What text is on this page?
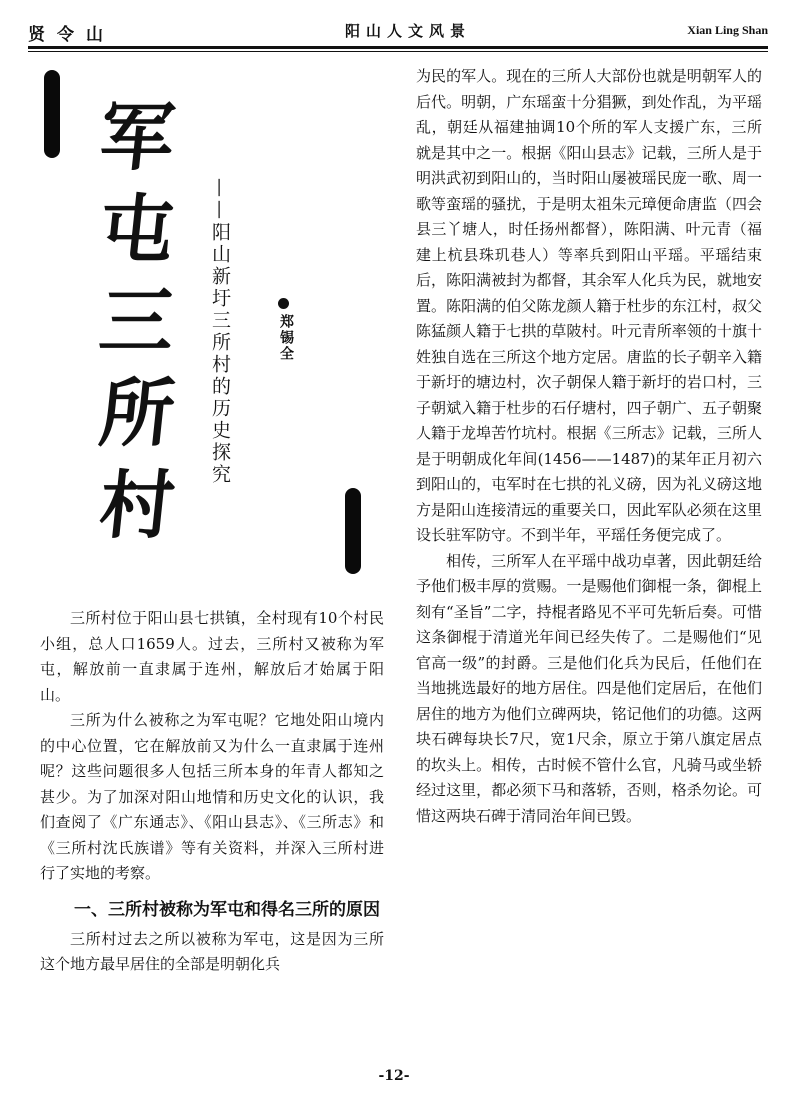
贤令山	阳山人文风景	Xian Ling Shan
军
屯
三
所
村
——阳山新圩三所村的历史探究	郑锡全

三所村位于阳山县七拱镇，全村现有10个村民小组，总人口1659人。过去，三所村又被称为军屯，解放前一直隶属于连州，解放后才始属于阳山。

三所为什么被称之为军屯呢？它地处阳山境内的中心位置，它在解放前又为什么一直隶属于连州呢？这些问题很多人包括三所本身的年青人都知之甚少。为了加深对阳山地情和历史文化的认识，我们查阅了《广东通志》、《阳山县志》、《三所志》和《三所村沈氏族谱》等有关资料，并深入三所村进行了实地的考察。

一、三所村被称为军屯和得名三所的原因

三所村过去之所以被称为军屯，这是因为三所这个地方最早居住的全部是明朝化兵

为民的军人。现在的三所人大部份也就是明朝军人的后代。明朝，广东瑶蛮十分猖獗，到处作乱，为平瑶乱，朝廷从福建抽调10个所的军人支援广东，三所就是其中之一。根据《阳山县志》记载，三所人是于明洪武初到阳山的，当时阳山屡被瑶民庞一歌、周一歌等蛮瑶的骚扰，于是明太祖朱元璋便命唐监（四会县三丫塘人，时任扬州都督），陈阳满、叶元青（福建上杭县珠玑巷人）等率兵到阳山平瑶。平瑶结束后，陈阳满被封为都督，其余军人化兵为民，就地安置。陈阳满的伯父陈龙颜人籍于杜步的东江村，叔父陈猛颜人籍于七拱的草陂村。叶元青所率领的十旗十姓独自选在三所这个地方定居。唐监的长子朝辛入籍于新圩的塘边村，次子朝保人籍于新圩的岩口村，三子朝斌入籍于杜步的石仔塘村，四子朝广、五子朝聚人籍于龙埠苦竹坑村。根据《三所志》记载，三所人是于明朝成化年间(1456——1487)的某年正月初六到阳山的，屯军时在七拱的礼义磅，因为礼义磅这地方是阳山连接清远的重要关口，因此军队必须在这里设长驻军防守。不到半年，平瑶任务便完成了。

相传，三所军人在平瑶中战功卓著，因此朝廷给予他们极丰厚的赏赐。一是赐他们御棍一条，御棍上刻有“圣旨”二字，持棍者路见不平可先斩后奏。可惜这条御棍于清道光年间已经失传了。二是赐他们“见官高一级”的封爵。三是他们化兵为民后，任他们在当地挑选最好的地方居住。四是他们定居后，在他们居住的地方为他们立碑两块，铭记他们的功德。这两块石碑每块长7尺，宽1尺余，原立于第八旗定居点的坎头上。相传，古时候不管什么官，凡骑马或坐轿经过这里，都必须下马和落轿，否则，格杀勿论。可惜这两块石碑于清同治年间已毁。

-12-
